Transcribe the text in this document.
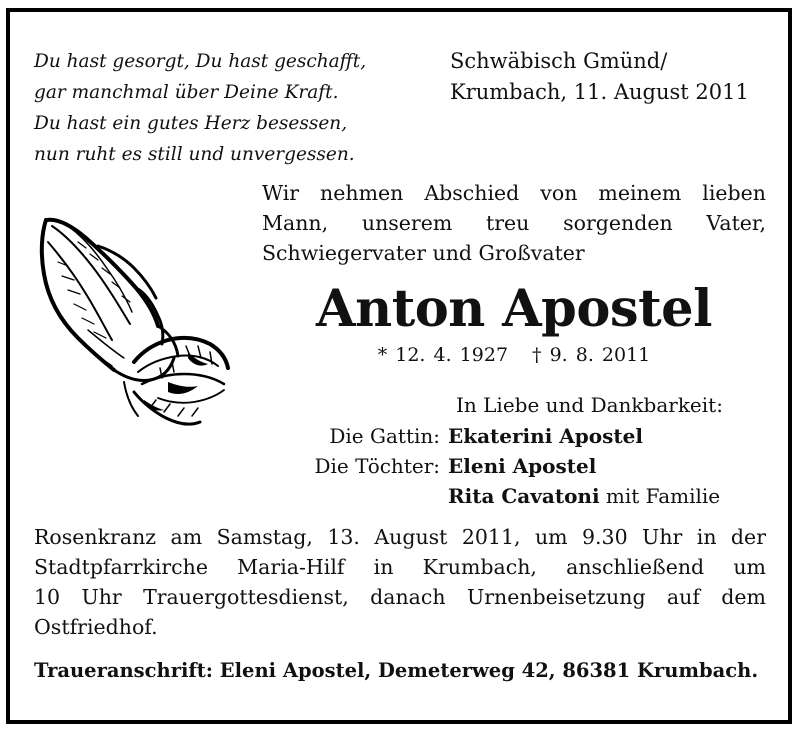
Du hast gesorgt, Du hast geschafft,
gar manchmal über Deine Kraft.
Du hast ein gutes Herz besessen,
nun ruht es still und unvergessen.
Schwäbisch Gmünd/
Krumbach, 11. August 2011
Wir nehmen Abschied von meinem lieben
Mann, unserem treu sorgenden Vater,
Schwiegervater und Großvater
Anton Apostel
* 12. 4. 1927 † 9. 8. 2011
In Liebe und Dankbarkeit:
Die Gattin: Ekaterini Apostel
Die Töchter: Eleni Apostel
Rita Cavatoni mit Familie
Rosenkranz am Samstag, 13. August 2011, um 9.30 Uhr in der
Stadtpfarrkirche Maria-Hilf in Krumbach, anschließend um
10 Uhr Trauergottesdienst, danach Urnenbeisetzung auf dem
Ostfriedhof.
Traueranschrift: Eleni Apostel, Demeterweg 42, 86381 Krumbach.
